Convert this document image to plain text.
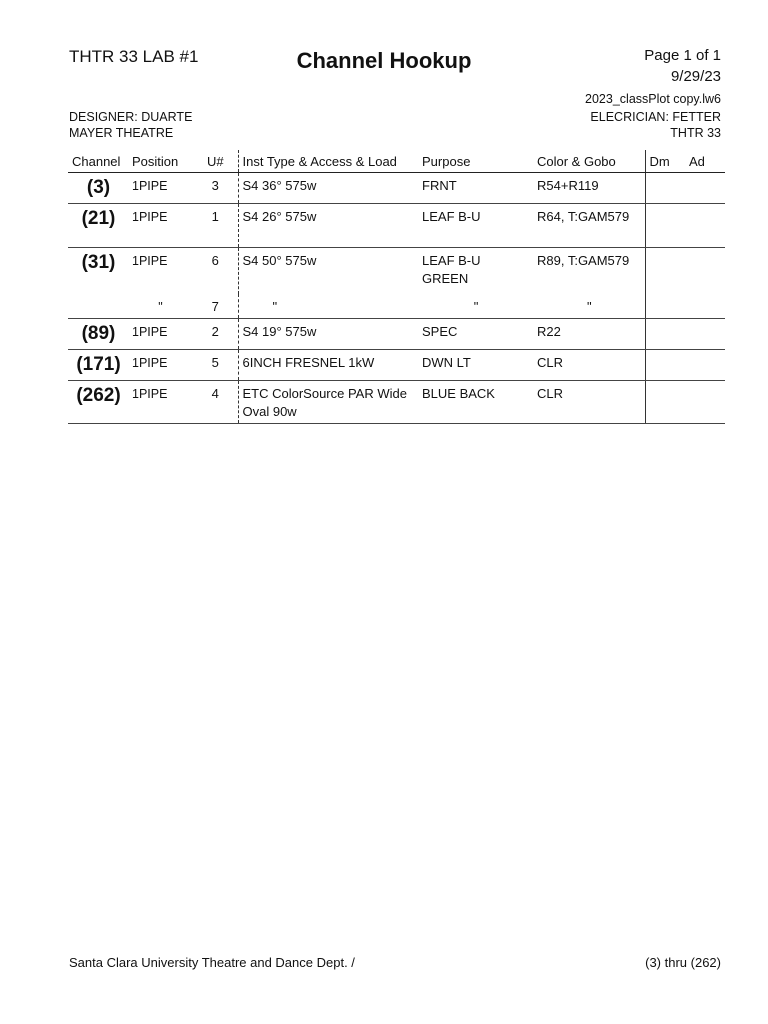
THTR 33 LAB #1	Channel Hookup	Page 1 of 1
9/29/23
2023_classPlot copy.lw6
DESIGNER: DUARTE
MAYER THEATRE
ELECRICIAN: FETTER
THTR 33
Channel	Position	U#	Inst Type & Access & Load	Purpose	Color & Gobo	Dm	Ad
(3)	1PIPE	3	S4 36° 575w	FRNT	R54+R119		
(21)	1PIPE	1	S4 26° 575w	LEAF B-U	R64, T:GAM579		
(31)	1PIPE	6	S4 50° 575w	LEAF B-U GREEN	R89, T:GAM579		
	"	7	"	"	"		
(89)	1PIPE	2	S4 19° 575w	SPEC	R22		
(171)	1PIPE	5	6INCH FRESNEL 1kW	DWN LT	CLR		
(262)	1PIPE	4	ETC ColorSource PAR Wide Oval 90w	BLUE BACK	CLR		
Santa Clara University Theatre and Dance Dept. /	(3) thru (262)
